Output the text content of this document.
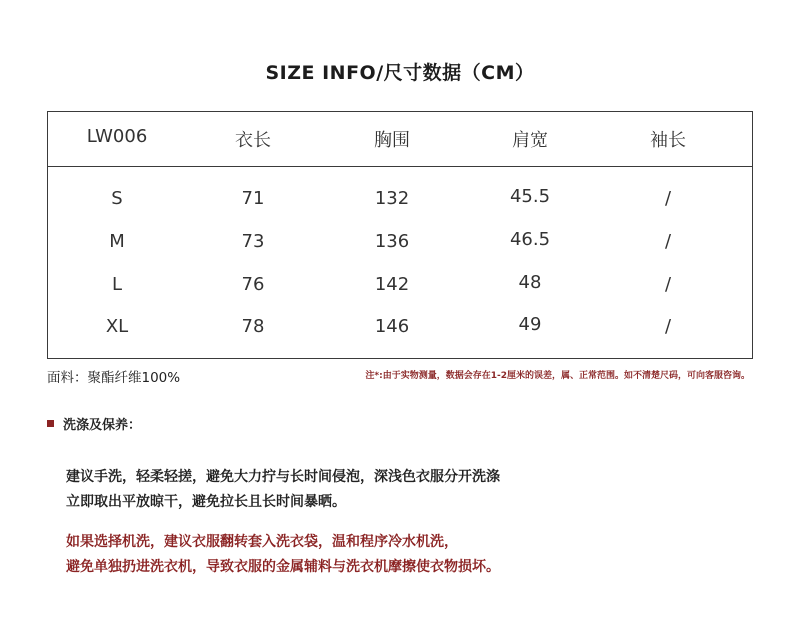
SIZE INFO/尺寸数据（CM）
LW006	衣长	胸围	肩宽	袖长
S	71	132	45.5	/
M	73	136	46.5	/
L	76	142	48	/
XL	78	146	49	/
面料：聚酯纤维100%	注*:由于实物测量，数据会存在1-2厘米的误差，属、正常范围。如不清楚尺码，可向客服咨询。
洗涤及保养：
建议手洗，轻柔轻搓，避免大力拧与长时间侵泡，深浅色衣服分开洗涤
立即取出平放晾干，避免拉长且长时间暴晒。
如果选择机洗，建议衣服翻转套入洗衣袋，温和程序冷水机洗，
避免单独扔进洗衣机，导致衣服的金属辅料与洗衣机摩擦使衣物损坏。
